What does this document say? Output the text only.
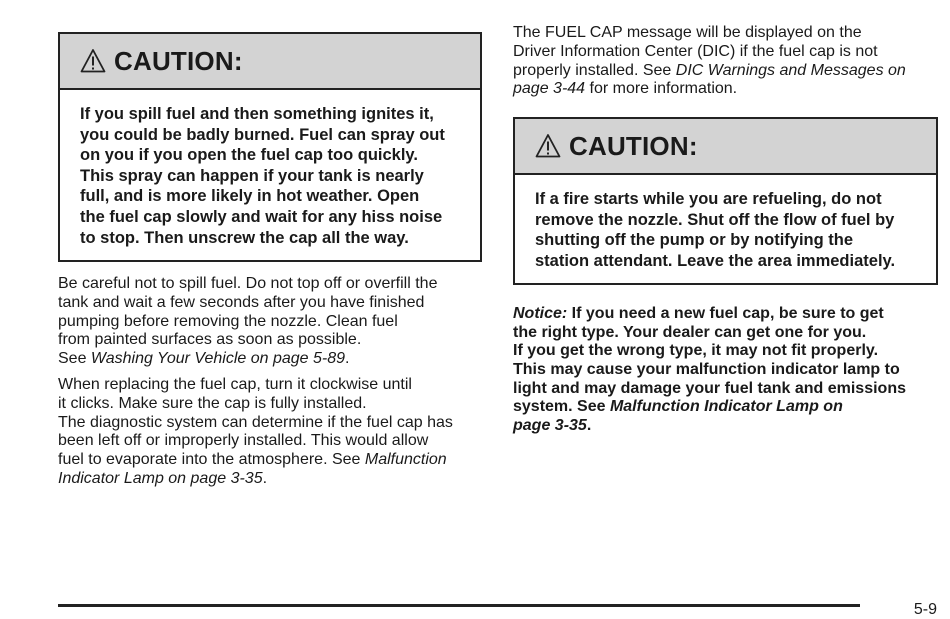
CAUTION:
If you spill fuel and then something ignites it,
you could be badly burned. Fuel can spray out
on you if you open the fuel cap too quickly.
This spray can happen if your tank is nearly
full, and is more likely in hot weather. Open
the fuel cap slowly and wait for any hiss noise
to stop. Then unscrew the cap all the way.

Be careful not to spill fuel. Do not top off or overfill the
tank and wait a few seconds after you have finished
pumping before removing the nozzle. Clean fuel
from painted surfaces as soon as possible.
See Washing Your Vehicle on page 5-89.

When replacing the fuel cap, turn it clockwise until
it clicks. Make sure the cap is fully installed.
The diagnostic system can determine if the fuel cap has
been left off or improperly installed. This would allow
fuel to evaporate into the atmosphere. See Malfunction
Indicator Lamp on page 3-35.

The FUEL CAP message will be displayed on the
Driver Information Center (DIC) if the fuel cap is not
properly installed. See DIC Warnings and Messages on
page 3-44 for more information.

CAUTION:
If a fire starts while you are refueling, do not
remove the nozzle. Shut off the flow of fuel by
shutting off the pump or by notifying the
station attendant. Leave the area immediately.

Notice: If you need a new fuel cap, be sure to get
the right type. Your dealer can get one for you.
If you get the wrong type, it may not fit properly.
This may cause your malfunction indicator lamp to
light and may damage your fuel tank and emissions
system. See Malfunction Indicator Lamp on
page 3-35.

5-9
